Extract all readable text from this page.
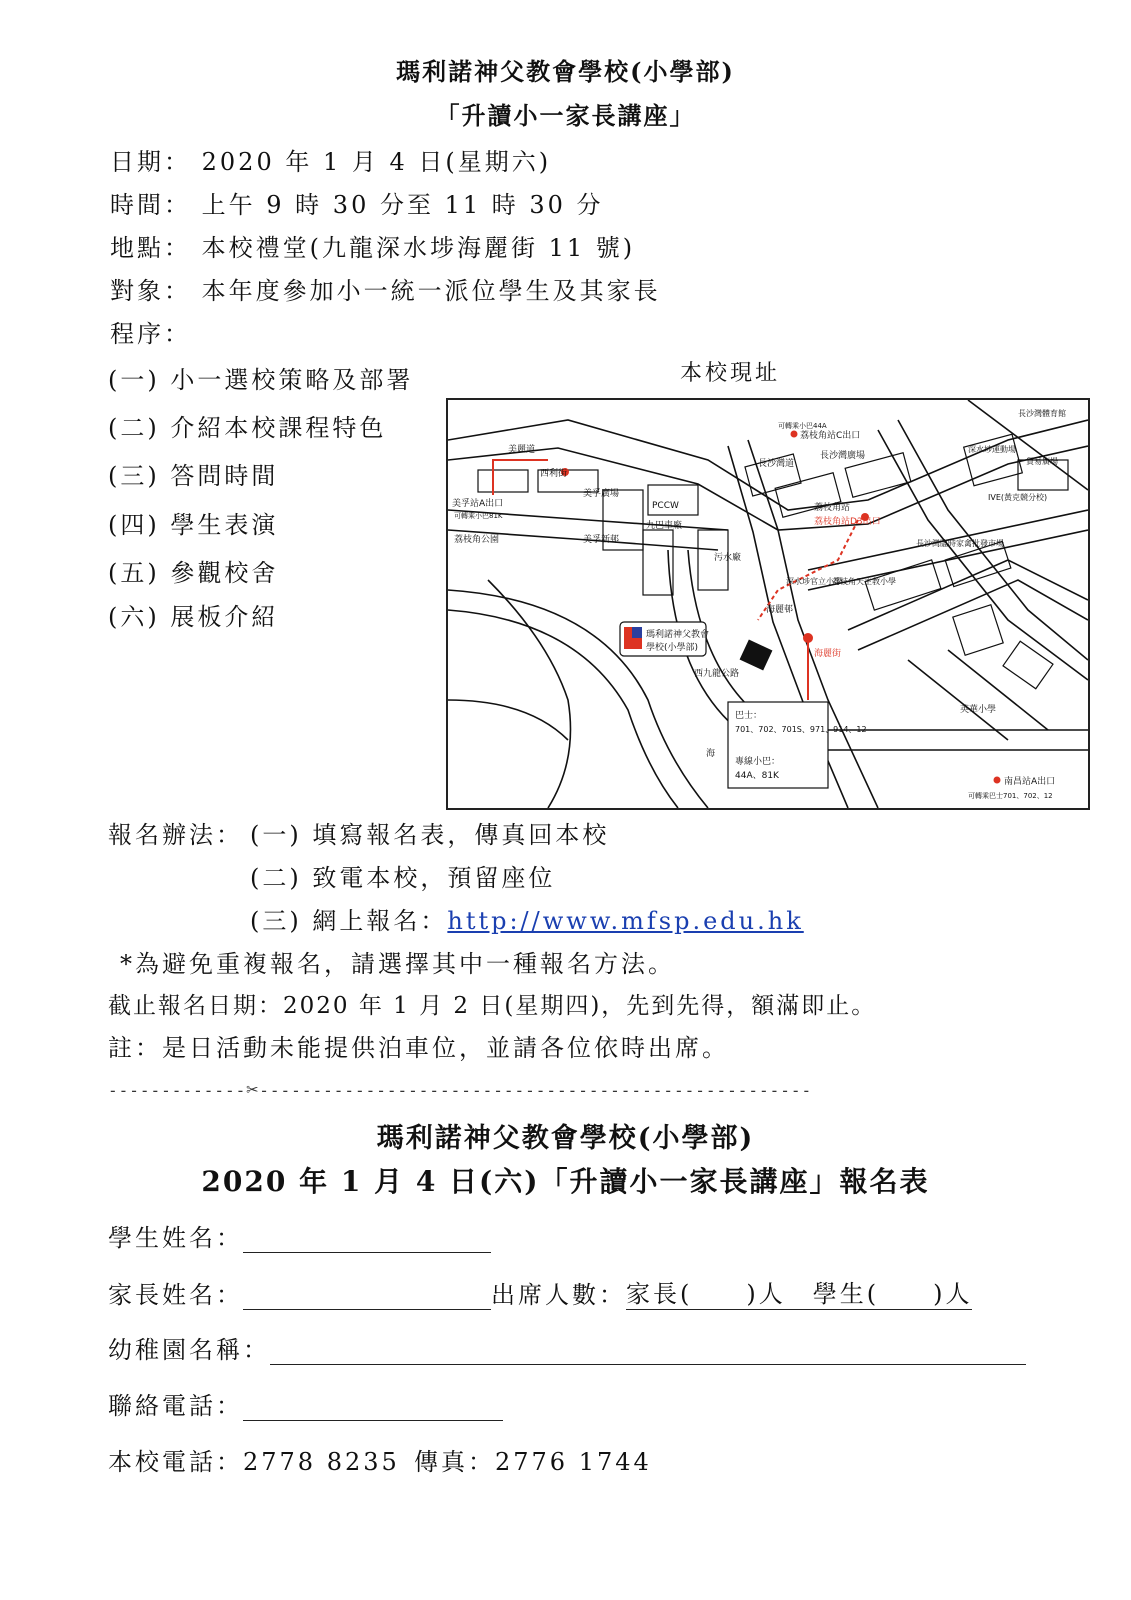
瑪利諾神父教會學校(小學部)
「升讀小一家長講座」
日期： 2020 年 1 月 4 日(星期六)
時間： 上午 9 時 30 分至 11 時 30 分
地點： 本校禮堂(九龍深水埗海麗街 11 號)
對象： 本年度參加小一統一派位學生及其家長
程序：
(一) 小一選校策略及部署
(二) 介紹本校課程特色
(三) 答問時間
(四) 學生表演
(五) 參觀校舍
(六) 展板介紹
本校現址
瑪利諾神父教會
學校(小學部)
巴士：
701、702、701S、971、914、12
專線小巴：
44A、81K
可轉乘小巴44A
荔枝角站C出口
長沙灣體育館
美麗道
西利街
美孚站A出口
可轉乘小巴81K
荔枝角公園
美孚廣場
美孚新邨
九巴車廠
PCCW
長沙灣廣場
長沙灣道
深水埗運動場
貿易廣場
IVE(黃克競分校)
荔枝角站
荔枝角站D3出口
長沙灣臨時家禽批發市場
污水廠
海麗邨
深水埗官立小學
荔枝角天主教小學
海麗街
西九龍公路
英華小學
南昌站A出口
可轉乘巴士701、702、12
海
報名辦法： (一) 填寫報名表，傳真回本校
(二) 致電本校，預留座位
(三) 網上報名：http://www.mfsp.edu.hk
*為避免重複報名，請選擇其中一種報名方法。
截止報名日期：2020 年 1 月 2 日(星期四)，先到先得，額滿即止。
註：是日活動未能提供泊車位，並請各位依時出席。
-------------✂----------------------------------------------------
瑪利諾神父教會學校(小學部)
2020 年 1 月 4 日(六)「升讀小一家長講座」報名表
學生姓名：
家長姓名：	出席人數：家長(　　)人　學生(　　)人
幼稚園名稱：
聯絡電話：
本校電話：2778 8235 傳真：2776 1744
